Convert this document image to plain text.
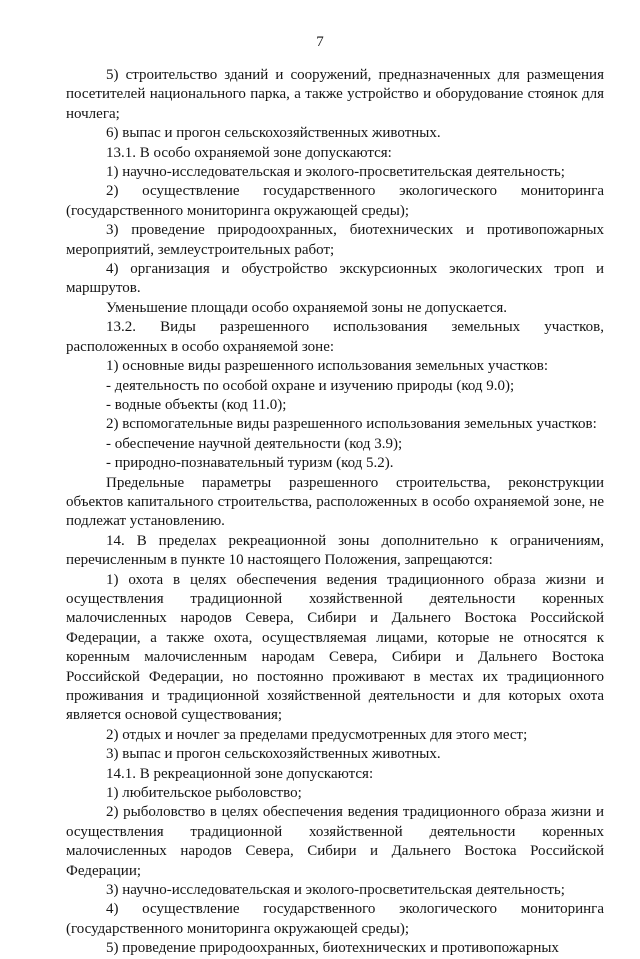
7

5) строительство зданий и сооружений, предназначенных для размещения посетителей национального парка, а также устройство и оборудование стоянок для ночлега;

6) выпас и прогон сельскохозяйственных животных.

13.1. В особо охраняемой зоне допускаются:

1) научно-исследовательская и эколого-просветительская деятельность;

2) осуществление государственного экологического мониторинга (государственного мониторинга окружающей среды);

3) проведение природоохранных, биотехнических и противопожарных мероприятий, землеустроительных работ;

4) организация и обустройство экскурсионных экологических троп и маршрутов.

Уменьшение площади особо охраняемой зоны не допускается.

13.2. Виды разрешенного использования земельных участков, расположенных в особо охраняемой зоне:

1) основные виды разрешенного использования земельных участков:

- деятельность по особой охране и изучению природы (код 9.0);

- водные объекты (код 11.0);

2) вспомогательные виды разрешенного использования земельных участков:

- обеспечение научной деятельности (код 3.9);

- природно-познавательный туризм (код 5.2).

Предельные параметры разрешенного строительства, реконструкции объектов капитального строительства, расположенных в особо охраняемой зоне, не подлежат установлению.

14. В пределах рекреационной зоны дополнительно к ограничениям, перечисленным в пункте 10 настоящего Положения, запрещаются:

1) охота в целях обеспечения ведения традиционного образа жизни и осуществления традиционной хозяйственной деятельности коренных малочисленных народов Севера, Сибири и Дальнего Востока Российской Федерации, а также охота, осуществляемая лицами, которые не относятся к коренным малочисленным народам Севера, Сибири и Дальнего Востока Российской Федерации, но постоянно проживают в местах их традиционного проживания и традиционной хозяйственной деятельности и для которых охота является основой существования;

2) отдых и ночлег за пределами предусмотренных для этого мест;

3) выпас и прогон сельскохозяйственных животных.

14.1. В рекреационной зоне допускаются:

1) любительское рыболовство;

2) рыболовство в целях обеспечения ведения традиционного образа жизни и осуществления традиционной хозяйственной деятельности коренных малочисленных народов Севера, Сибири и Дальнего Востока Российской Федерации;

3) научно-исследовательская и эколого-просветительская деятельность;

4) осуществление государственного экологического мониторинга (государственного мониторинга окружающей среды);

5) проведение природоохранных, биотехнических и противопожарных
